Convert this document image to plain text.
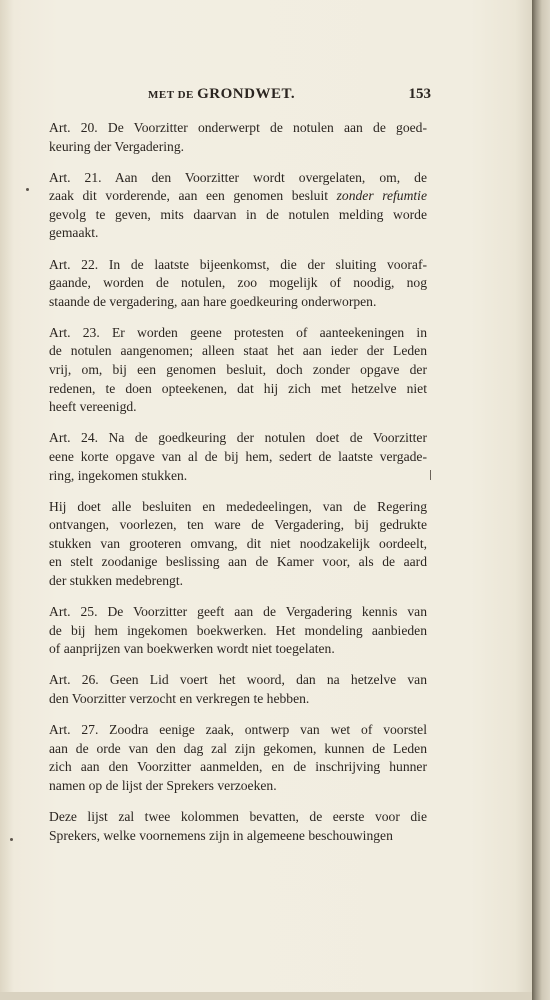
MET DE GRONDWET.	153
Art. 20. De Voorzitter onderwerpt de notulen aan de goed-
keuring der Vergadering.
Art. 21. Aan den Voorzitter wordt overgelaten, om, de
zaak dit vorderende, aan een genomen besluit zonder refumtie
gevolg te geven, mits daarvan in de notulen melding worde
gemaakt.
Art. 22. In de laatste bijeenkomst, die der sluiting vooraf-
gaande, worden de notulen, zoo mogelijk of noodig, nog
staande de vergadering, aan hare goedkeuring onderworpen.
Art. 23. Er worden geene protesten of aanteekeningen in
de notulen aangenomen; alleen staat het aan ieder der Leden
vrij, om, bij een genomen besluit, doch zonder opgave der
redenen, te doen opteekenen, dat hij zich met hetzelve niet
heeft vereenigd.
Art. 24. Na de goedkeuring der notulen doet de Voorzitter
eene korte opgave van al de bij hem, sedert de laatste vergade-
ring, ingekomen stukken.
Hij doet alle besluiten en mededeelingen, van de Regering
ontvangen, voorlezen, ten ware de Vergadering, bij gedrukte
stukken van grooteren omvang, dit niet noodzakelijk oordeelt,
en stelt zoodanige beslissing aan de Kamer voor, als de aard
der stukken medebrengt.
Art. 25. De Voorzitter geeft aan de Vergadering kennis van
de bij hem ingekomen boekwerken. Het mondeling aanbieden
of aanprijzen van boekwerken wordt niet toegelaten.
Art. 26. Geen Lid voert het woord, dan na hetzelve van
den Voorzitter verzocht en verkregen te hebben.
Art. 27. Zoodra eenige zaak, ontwerp van wet of voorstel
aan de orde van den dag zal zijn gekomen, kunnen de Leden
zich aan den Voorzitter aanmelden, en de inschrijving hunner
namen op de lijst der Sprekers verzoeken.
Deze lijst zal twee kolommen bevatten, de eerste voor die
Sprekers, welke voornemens zijn in algemeene beschouwingen
